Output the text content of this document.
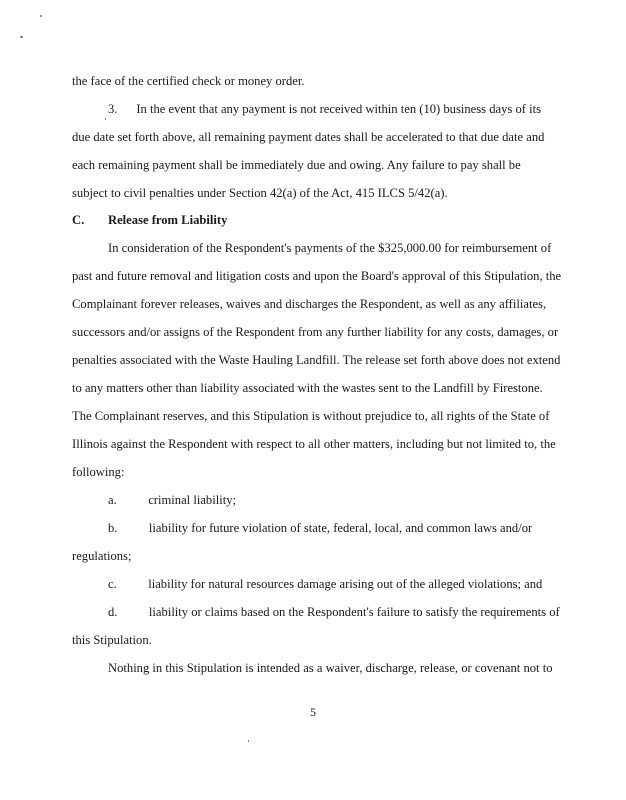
the face of the certified check or money order.
3.      In the event that any payment is not received within ten (10) business days of its
due date set forth above, all remaining payment dates shall be accelerated to that due date and
each remaining payment shall be immediately due and owing. Any failure to pay shall be
subject to civil penalties under Section 42(a) of the Act, 415 ILCS 5/42(a).
C. Release from Liability
In consideration of the Respondent's payments of the $325,000.00 for reimbursement of
past and future removal and litigation costs and upon the Board's approval of this Stipulation, the
Complainant forever releases, waives and discharges the Respondent, as well as any affiliates,
successors and/or assigns of the Respondent from any further liability for any costs, damages, or
penalties associated with the Waste Hauling Landfill. The release set forth above does not extend
to any matters other than liability associated with the wastes sent to the Landfill by Firestone.
The Complainant reserves, and this Stipulation is without prejudice to, all rights of the State of
Illinois against the Respondent with respect to all other matters, including but not limited to, the
following:
a.          criminal liability;
b.          liability for future violation of state, federal, local, and common laws and/or
regulations;
c.          liability for natural resources damage arising out of the alleged violations; and
d.          liability or claims based on the Respondent's failure to satisfy the requirements of
this Stipulation.
Nothing in this Stipulation is intended as a waiver, discharge, release, or covenant not to
5
